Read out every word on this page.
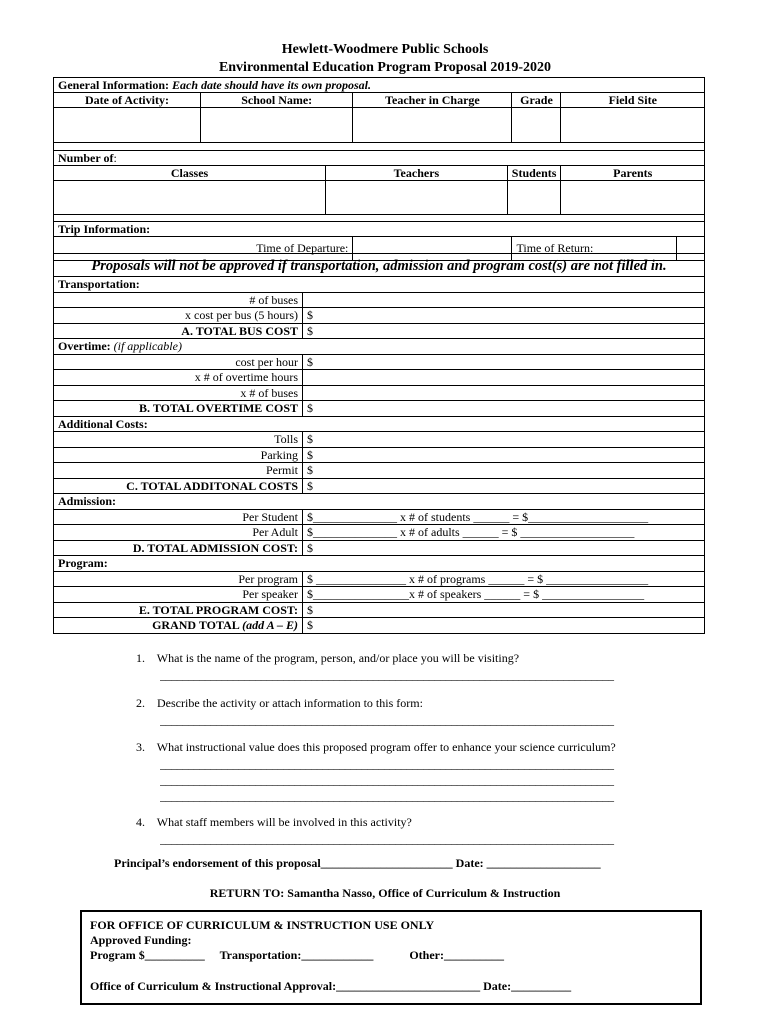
Hewlett-Woodmere Public Schools
Environmental Education Program Proposal 2019-2020
General Information: Each date should have its own proposal.							
Date of Activity:	School Name:		Teacher in Charge		Grade	Field Site	

Number of:							
Classes		Teachers		Students		Parents	

Trip Information:							
Time of Departure:					Time of Return:		
Proposals will not be approved if transportation, admission and program cost(s) are not filled in.
Transportation:	
# of buses	
x cost per bus (5 hours)	$
A. TOTAL BUS COST	$
Overtime: (if applicable)	
cost per hour	$
x # of overtime hours	
x # of buses	
B. TOTAL OVERTIME COST	$
Additional Costs:	
Tolls	$
Parking	$
Permit	$
C. TOTAL ADDITONAL COSTS	$
Admission:	
Per Student	$______________ x # of students ______ = $____________________
Per Adult	$______________ x # of adults ______ = $ ___________________
D. TOTAL ADMISSION COST:	$
Program:	
Per program	$ _______________ x # of programs ______ = $ _________________
Per speaker	$________________x # of speakers ______ = $ _________________
E. TOTAL PROGRAM COST:	$
GRAND TOTAL (add A – E)	$
1. What is the name of the program, person, and/or place you will be visiting?
_________________________________________________________________________________
2. Describe the activity or attach information to this form:
_________________________________________________________________________________
3. What instructional value does this proposed program offer to enhance your science curriculum?
_________________________________________________________________________________
_________________________________________________________________________________
_________________________________________________________________________________
4. What staff members will be involved in this activity?
_________________________________________________________________________________
Principal’s endorsement of this proposal______________________ Date: ___________________
RETURN TO: Samantha Nasso, Office of Curriculum & Instruction
FOR OFFICE OF CURRICULUM & INSTRUCTION USE ONLY
Approved Funding:
Program $__________ Transportation:____________	Other:__________
Office of Curriculum & Instructional Approval:________________________ Date:__________
